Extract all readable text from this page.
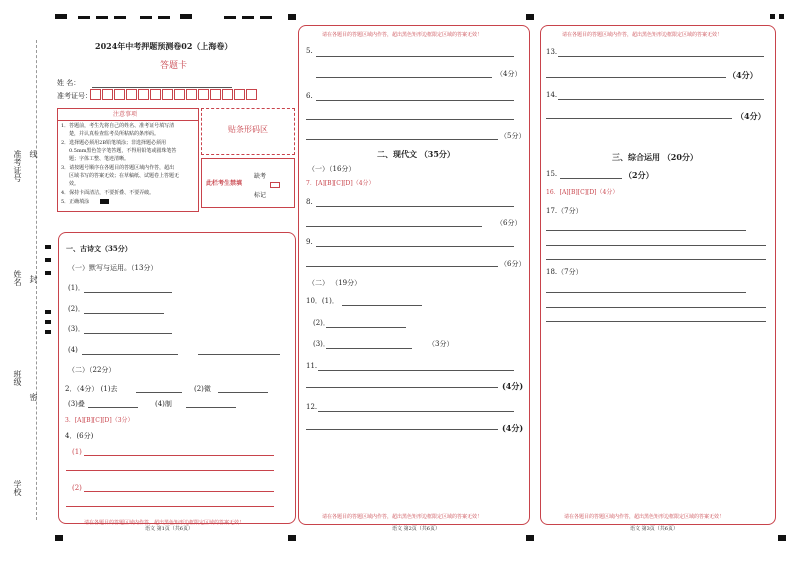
准考证号 线
姓名 封
班级
密
学校
2024年中考押题预测卷02（上海卷）
答题卡
姓 名：
准考证号：
注意事项
1．答题前，考生先将自己的姓名、准考证号填写清
楚，并认真检查监考员所粘贴的条形码。
2．选择题必须用2B铅笔填涂；非选择题必须用
0.5mm黑色签字笔答题，不得用铅笔或圆珠笔答
题；字体工整、笔迹清晰。
3．请按题号顺序在各题目的答题区域内作答，超出
区域书写的答案无效；在草稿纸、试题卷上答题无
效。
4．保持卡面清洁，不要折叠、不要弄破。
5．正确填涂
贴条形码区
此栏考生禁填
缺考
标记
一、古诗文（35分）
（一）默写与运用。（13分）
(1)．
(2)．
(3)．
(4)
（二）（22分）
2．（4分） (1)去	(2)微
(3)叠	(4)制
3．[A][B][C][D]（3分）
4．(6分)
(1)
(2)
请在各题目的答题区域内作答，超出黑色矩形边框限定区域的答案无效！
语文 第1页（共6页）
请在各题目的答题区域内作答，超出黑色矩形边框限定区域的答案无效！
5.
（4分）
6.
（5分）
二、现代文 （35分）
（一）（16分）
7．[A][B][C][D]（4分）
8.
（6分）
9.
（6分）
（二） （19分）
10．(1)．
(2)．
(3)．	（3分）
11.
(4分)
12.
(4分)
请在各题目的答题区域内作答，超出黑色矩形边框限定区域的答案无效！
语文 第2页（共6页）
请在各题目的答题区域内作答，超出黑色矩形边框限定区域的答案无效！
13.
（4分）
14.
（4分）
三、综合运用 （20分）
15.	（2分）
16．[A][B][C][D]（4分）
17.（7分）
18.（7分）
请在各题目的答题区域内作答，超出黑色矩形边框限定区域的答案无效！
语文 第3页（共6页）
